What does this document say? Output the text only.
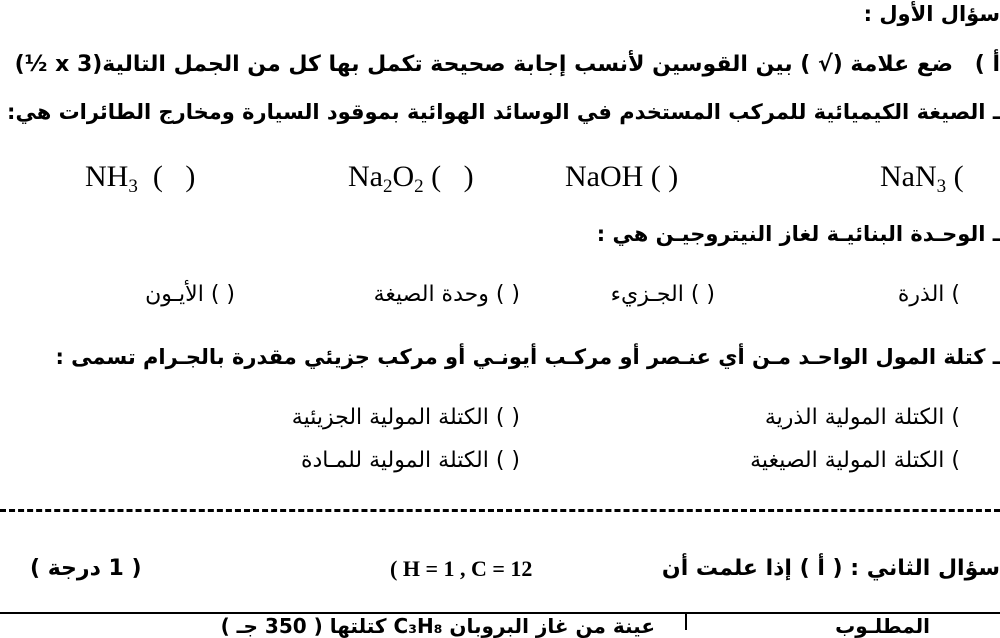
سؤال الأول :
أ ) ضع علامة (√ ) بين القوسين لأنسب إجابة صحيحة تكمل بها كل من الجمل التالية(3 x ½)
ـ الصيغة الكيميائية للمركب المستخدم في الوسائد الهوائية بموقود السيارة ومخارج الطائرات هي:
NaN$_3$ (
NaOH ( )
$Na_2O_2$ (   )
$NH_3$  (   )
ـ الوحـدة البنائيـة لغاز النيتروجيـن هي :
) الذرة
( ) الجـزيء
( ) وحدة الصيغة
( ) الأيـون
ـ كتلة المول الواحـد مـن أي عنـصر أو مركـب أيونـي أو مركب جزيئي مقدرة بالجـرام تسمى :
) الكتلة المولية الذرية
( ) الكتلة المولية الجزيئية
) الكتلة المولية الصيغية
( ) الكتلة المولية للمـادة
سؤال الثاني : ( أ ) إذا علمت أن
( H = 1 , C = 12
( 1 درجة )
المطلـوب
عينة من غاز البروبان C₃H₈ كتلتها ( 350 جـ )
